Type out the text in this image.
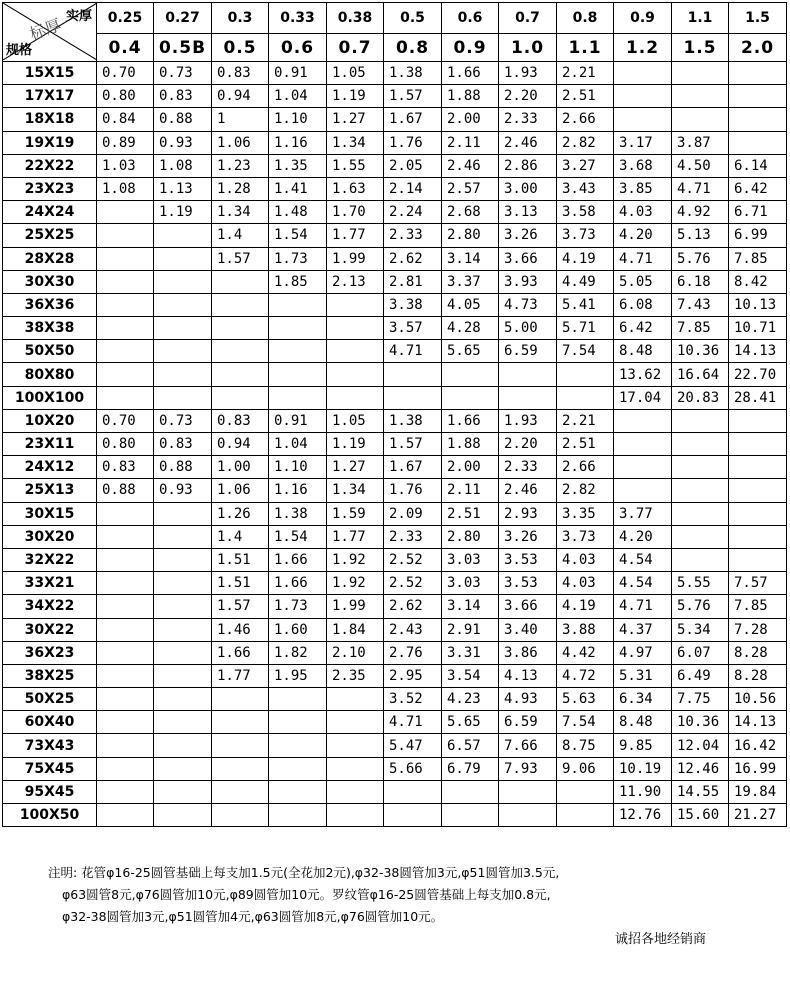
实厚
标厚
规格	0.25	0.27	0.3	0.33	0.38	0.5	0.6	0.7	0.8	0.9	1.1	1.5
	0.4	0.5B	0.5	0.6	0.7	0.8	0.9	1.0	1.1	1.2	1.5	2.0
15X15	0.70	0.73	0.83	0.91	1.05	1.38	1.66	1.93	2.21			
17X17	0.80	0.83	0.94	1.04	1.19	1.57	1.88	2.20	2.51			
18X18	0.84	0.88	1	1.10	1.27	1.67	2.00	2.33	2.66			
19X19	0.89	0.93	1.06	1.16	1.34	1.76	2.11	2.46	2.82	3.17	3.87	
22X22	1.03	1.08	1.23	1.35	1.55	2.05	2.46	2.86	3.27	3.68	4.50	6.14
23X23	1.08	1.13	1.28	1.41	1.63	2.14	2.57	3.00	3.43	3.85	4.71	6.42
24X24		1.19	1.34	1.48	1.70	2.24	2.68	3.13	3.58	4.03	4.92	6.71
25X25			1.4	1.54	1.77	2.33	2.80	3.26	3.73	4.20	5.13	6.99
28X28			1.57	1.73	1.99	2.62	3.14	3.66	4.19	4.71	5.76	7.85
30X30				1.85	2.13	2.81	3.37	3.93	4.49	5.05	6.18	8.42
36X36						3.38	4.05	4.73	5.41	6.08	7.43	10.13
38X38						3.57	4.28	5.00	5.71	6.42	7.85	10.71
50X50						4.71	5.65	6.59	7.54	8.48	10.36	14.13
80X80										13.62	16.64	22.70
100X100										17.04	20.83	28.41
10X20	0.70	0.73	0.83	0.91	1.05	1.38	1.66	1.93	2.21			
23X11	0.80	0.83	0.94	1.04	1.19	1.57	1.88	2.20	2.51			
24X12	0.83	0.88	1.00	1.10	1.27	1.67	2.00	2.33	2.66			
25X13	0.88	0.93	1.06	1.16	1.34	1.76	2.11	2.46	2.82			
30X15			1.26	1.38	1.59	2.09	2.51	2.93	3.35	3.77		
30X20			1.4	1.54	1.77	2.33	2.80	3.26	3.73	4.20		
32X22			1.51	1.66	1.92	2.52	3.03	3.53	4.03	4.54		
33X21			1.51	1.66	1.92	2.52	3.03	3.53	4.03	4.54	5.55	7.57
34X22			1.57	1.73	1.99	2.62	3.14	3.66	4.19	4.71	5.76	7.85
30X22			1.46	1.60	1.84	2.43	2.91	3.40	3.88	4.37	5.34	7.28
36X23			1.66	1.82	2.10	2.76	3.31	3.86	4.42	4.97	6.07	8.28
38X25			1.77	1.95	2.35	2.95	3.54	4.13	4.72	5.31	6.49	8.28
50X25						3.52	4.23	4.93	5.63	6.34	7.75	10.56
60X40						4.71	5.65	6.59	7.54	8.48	10.36	14.13
73X43						5.47	6.57	7.66	8.75	9.85	12.04	16.42
75X45						5.66	6.79	7.93	9.06	10.19	12.46	16.99
95X45										11.90	14.55	19.84
100X50										12.76	15.60	21.27
注明: 花管φ16-25圆管基础上每支加1.5元(全花加2元),φ32-38圆管加3元,φ51圆管加3.5元,
φ63圆管8元,φ76圆管加10元,φ89圆管加10元。罗纹管φ16-25圆管基础上每支加0.8元,
φ32-38圆管加3元,φ51圆管加4元,φ63圆管加8元,φ76圆管加10元。
诚招各地经销商
